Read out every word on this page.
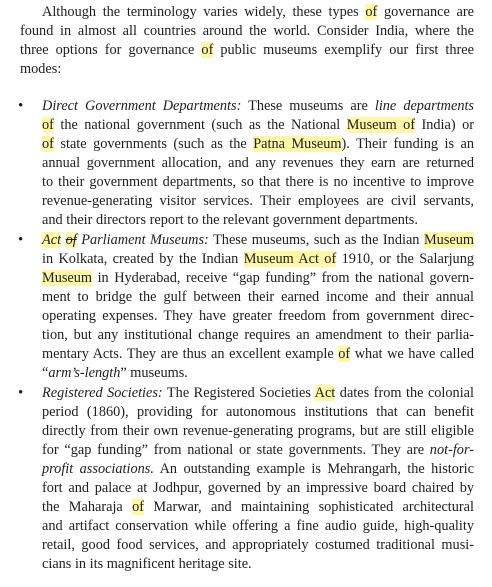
Although the terminology varies widely, these types of governance are
found in almost all countries around the world. Consider India, where the
three options for governance of public museums exemplify our first three
modes:
• Direct Government Departments: These museums are line departments
of the national government (such as the National Museum of India) or
of state governments (such as the Patna Museum). Their funding is an
annual government allocation, and any revenues they earn are returned
to their government departments, so that there is no incentive to improve
revenue-generating visitor services. Their employees are civil servants,
and their directors report to the relevant government departments.
• Act of Parliament Museums: These museums, such as the Indian Museum
in Kolkata, created by the Indian Museum Act of 1910, or the Salarjung
Museum in Hyderabad, receive “gap funding” from the national govern-
ment to bridge the gulf between their earned income and their annual
operating expenses. They have greater freedom from government direc-
tion, but any institutional change requires an amendment to their parlia-
mentary Acts. They are thus an excellent example of what we have called
“arm’s-length” museums.
• Registered Societies: The Registered Societies Act dates from the colonial
period (1860), providing for autonomous institutions that can benefit
directly from their own revenue-generating programs, but are still eligible
for “gap funding” from national or state governments. They are not-for-
profit associations. An outstanding example is Mehrangarh, the historic
fort and palace at Jodhpur, governed by an impressive board chaired by
the Maharaja of Marwar, and maintaining sophisticated architectural
and artifact conservation while offering a fine audio guide, high-quality
retail, good food services, and appropriately costumed traditional musi-
cians in its magnificent heritage site.
